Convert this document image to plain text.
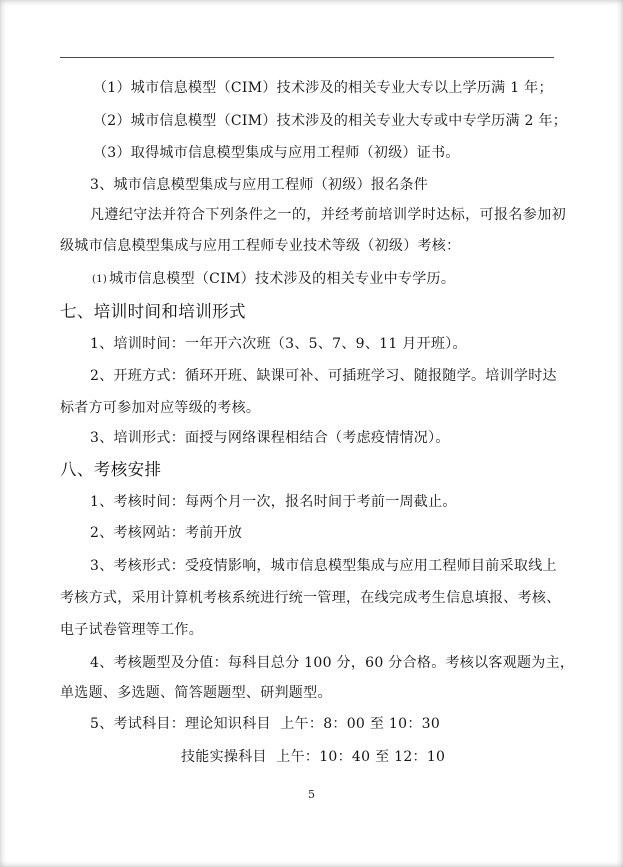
（1）城市信息模型（CIM）技术涉及的相关专业大专以上学历满 1 年；
（2）城市信息模型（CIM）技术涉及的相关专业大专或中专学历满 2 年；
（3）取得城市信息模型集成与应用工程师（初级）证书。
3、城市信息模型集成与应用工程师（初级）报名条件
凡遵纪守法并符合下列条件之一的，并经考前培训学时达标，可报名参加初
级城市信息模型集成与应用工程师专业技术等级（初级）考核：
(1) 城市信息模型（CIM）技术涉及的相关专业中专学历。
七、培训时间和培训形式
1、培训时间：一年开六次班（3、5、7、9、11 月开班）。
2、开班方式：循环开班、缺课可补、可插班学习、随报随学。培训学时达
标者方可参加对应等级的考核。
3、培训形式：面授与网络课程相结合（考虑疫情情况）。
八、考核安排
1、考核时间：每两个月一次，报名时间于考前一周截止。
2、考核网站：考前开放
3、考核形式：受疫情影响，城市信息模型集成与应用工程师目前采取线上
考核方式，采用计算机考核系统进行统一管理，在线完成考生信息填报、考核、
电子试卷管理等工作。
4、考核题型及分值：每科目总分 100 分，60 分合格。考核以客观题为主，
单选题、多选题、简答题题型、研判题型。
5、考试科目：理论知识科目  上午：8：00 至 10：30
技能实操科目  上午：10：40 至 12：10
5
